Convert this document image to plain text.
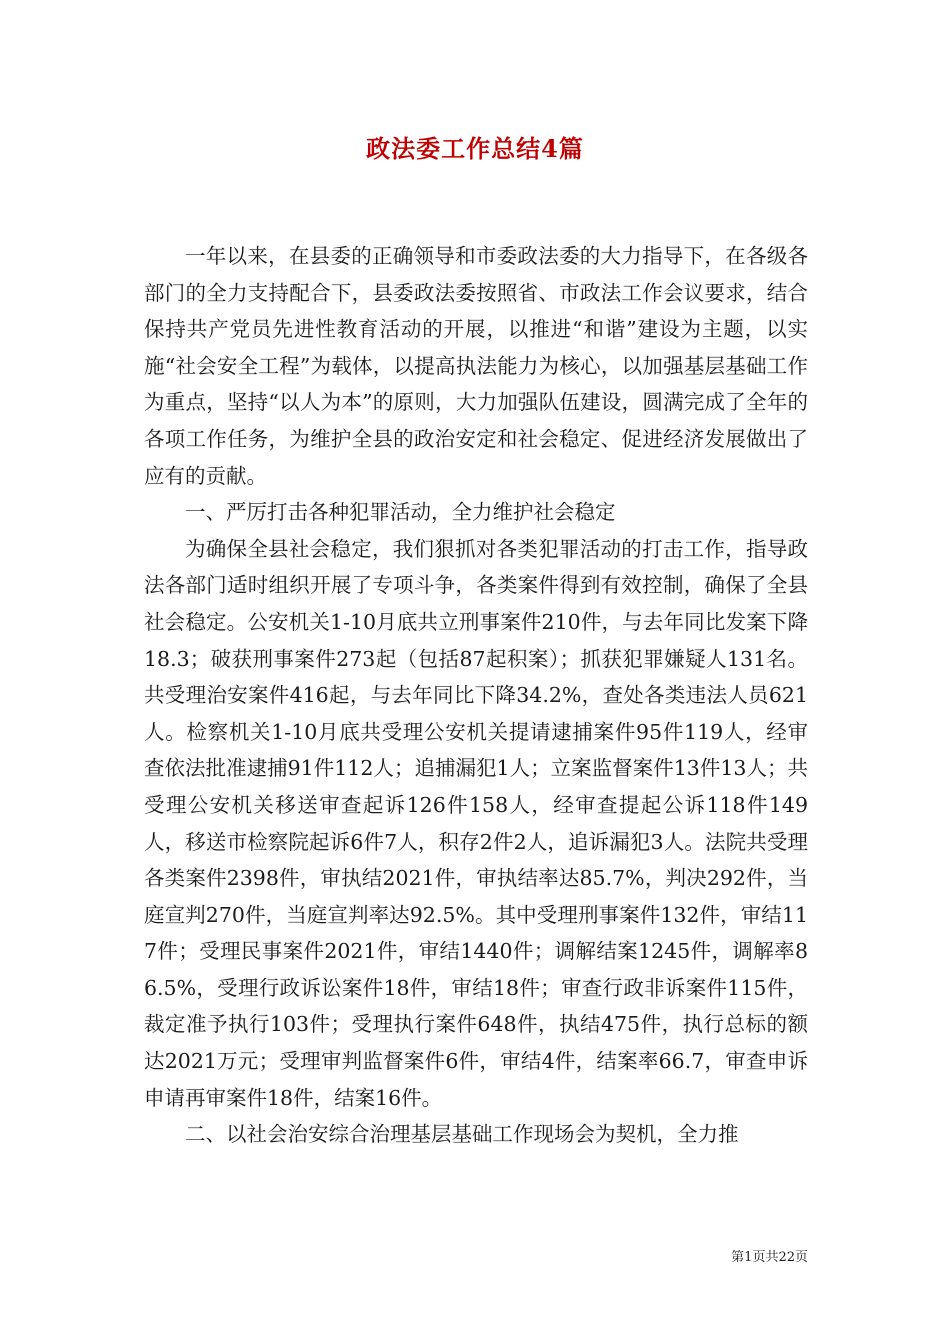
政法委工作总结4篇

一年以来，在县委的正确领导和市委政法委的大力指导下，在各级各部门的全力支持配合下，县委政法委按照省、市政法工作会议要求，结合保持共产党员先进性教育活动的开展，以推进“和谐”建设为主题，以实施“社会安全工程”为载体，以提高执法能力为核心，以加强基层基础工作为重点，坚持“以人为本”的原则，大力加强队伍建设，圆满完成了全年的各项工作任务，为维护全县的政治安定和社会稳定、促进经济发展做出了应有的贡献。

一、严厉打击各种犯罪活动，全力维护社会稳定

为确保全县社会稳定，我们狠抓对各类犯罪活动的打击工作，指导政法各部门适时组织开展了专项斗争，各类案件得到有效控制，确保了全县社会稳定。公安机关1-10月底共立刑事案件210件，与去年同比发案下降18.3；破获刑事案件273起（包括87起积案）；抓获犯罪嫌疑人131名。共受理治安案件416起，与去年同比下降34.2%，查处各类违法人员621人。检察机关1-10月底共受理公安机关提请逮捕案件95件119人，经审查依法批准逮捕91件112人；追捕漏犯1人；立案监督案件13件13人；共受理公安机关移送审查起诉126件158人，经审查提起公诉118件149人，移送市检察院起诉6件7人，积存2件2人，追诉漏犯3人。法院共受理各类案件2398件，审执结2021件，审执结率达85.7%，判决292件，当庭宣判270件，当庭宣判率达92.5%。其中受理刑事案件132件，审结117件；受理民事案件2021件，审结1440件；调解结案1245件，调解率86.5%，受理行政诉讼案件18件，审结18件；审查行政非诉案件115件，裁定准予执行103件；受理执行案件648件，执结475件，执行总标的额达2021万元；受理审判监督案件6件，审结4件，结案率66.7，审查申诉申请再审案件18件，结案16件。

二、以社会治安综合治理基层基础工作现场会为契机，全力推

第1页共22页
